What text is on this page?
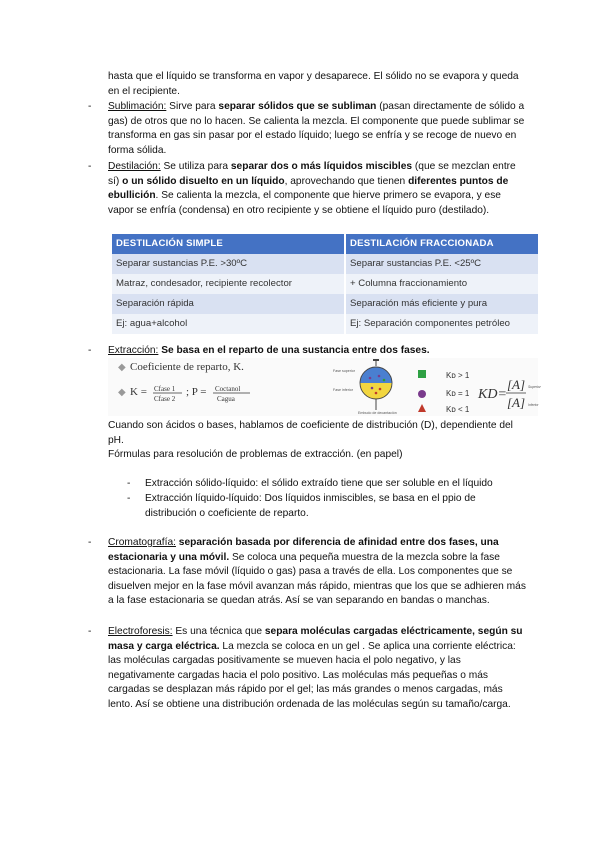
hasta que el líquido se transforma en vapor y desaparece. El sólido no se evapora y queda en el recipiente.
- Sublimación: Sirve para separar sólidos que se subliman (pasan directamente de sólido a gas) de otros que no lo hacen. Se calienta la mezcla. El componente que puede sublimar se transforma en gas sin pasar por el estado líquido; luego se enfría y se recoge de nuevo en forma sólida.
- Destilación: Se utiliza para separar dos o más líquidos miscibles (que se mezclan entre sí) o un sólido disuelto en un líquido, aprovechando que tienen diferentes puntos de ebullición. Se calienta la mezcla, el componente que hierve primero se evapora, y ese vapor se enfría (condensa) en otro recipiente y se obtiene el líquido puro (destilado).
DESTILACIÓN SIMPLE	DESTILACIÓN FRACCIONADA
Separar sustancias P.E. >30ºC	Separar sustancias P.E. <25ºC
Matraz, condesador, recipiente recolector	+ Columna fraccionamiento
Separación rápida	Separación más eficiente y pura
Ej: agua+alcohol	Ej: Separación componentes petróleo
- Extracción: Se basa en el reparto de una sustancia entre dos fases.
◆ Coeficiente de reparto, K.
◆ K = Cfase 1
Cfase 2
; P = Coctanol
Cagua
Fase superior
Fase inferior
Embudo de decantación
Kᴅ > 1
Kᴅ = 1
Kᴅ < 1
KD=
[A]
[A]
Superior
Inferior
Cuando son ácidos o bases, hablamos de coeficiente de distribución (D), dependiente del pH.
Fórmulas para resolución de problemas de extracción. (en papel)
- Extracción sólido-líquido: el sólido extraído tiene que ser soluble en el líquido
- Extracción líquido-líquido: Dos líquidos inmiscibles, se basa en el ppio de distribución o coeficiente de reparto.
- Cromatografía: separación basada por diferencia de afinidad entre dos fases, una estacionaria y una móvil. Se coloca una pequeña muestra de la mezcla sobre la fase estacionaria. La fase móvil (líquido o gas) pasa a través de ella. Los componentes que se disuelven mejor en la fase móvil avanzan más rápido, mientras que los que se adhieren más a la fase estacionaria se quedan atrás. Así se van separando en bandas o manchas.
- Electroforesis: Es una técnica que separa moléculas cargadas eléctricamente, según su masa y carga eléctrica. La mezcla se coloca en un gel . Se aplica una corriente eléctrica: las moléculas cargadas positivamente se mueven hacia el polo negativo, y las negativamente cargadas hacia el polo positivo. Las moléculas más pequeñas o más cargadas se desplazan más rápido por el gel; las más grandes o menos cargadas, más lento. Así se obtiene una distribución ordenada de las moléculas según su tamaño/carga.
